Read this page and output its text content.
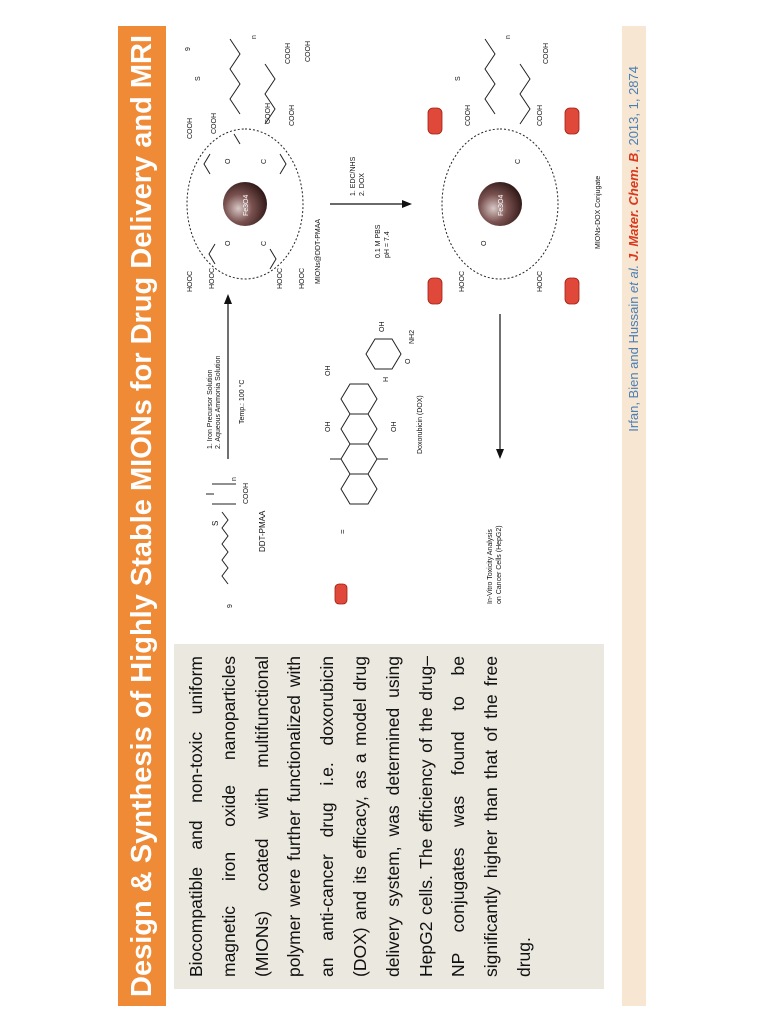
Design & Synthesis of Highly Stable MIONs for Drug Delivery and MRI	Biocompatible and non-toxic uniform magnetic iron oxide nanoparticles (MIONs) coated with multifunctional polymer were further functionalized with an anti-cancer drug i.e. doxorubicin (DOX) and its efficacy, as a model drug delivery system, was determined using HepG2 cells. The efficiency of the drug–NP conjugates was found to be significantly higher than that of the free drug.
9
S
n
COOH
DDT-PMAA
1. Iron Precursor Solution 2. Aqueous Ammonia Solution Temp.: 100 °C
Fe3O4
O
O
C
C
HOOC HOOC	HOOC HOOC
COOH COOH	COOH COOH
MIONs@DDT-PMAA
COOH COOH
n
S
9
=
OH	OH
OH
H
O
OH
NH2
Doxorubicin (DOX)
1. EDC/NHS 2. DOX
0.1 M PBS pH = 7.4
Fe3O4
HOOC	HOOC
COOH	COOH
O
C
COOH
S
n
MIONs-DOX Conjugate
In-Vitro Toxicity Analysis on Cancer Cells (HepG2)
Irfan, Bien and Hussain et al. J. Mater. Chem. B, 2013, 1, 2874
